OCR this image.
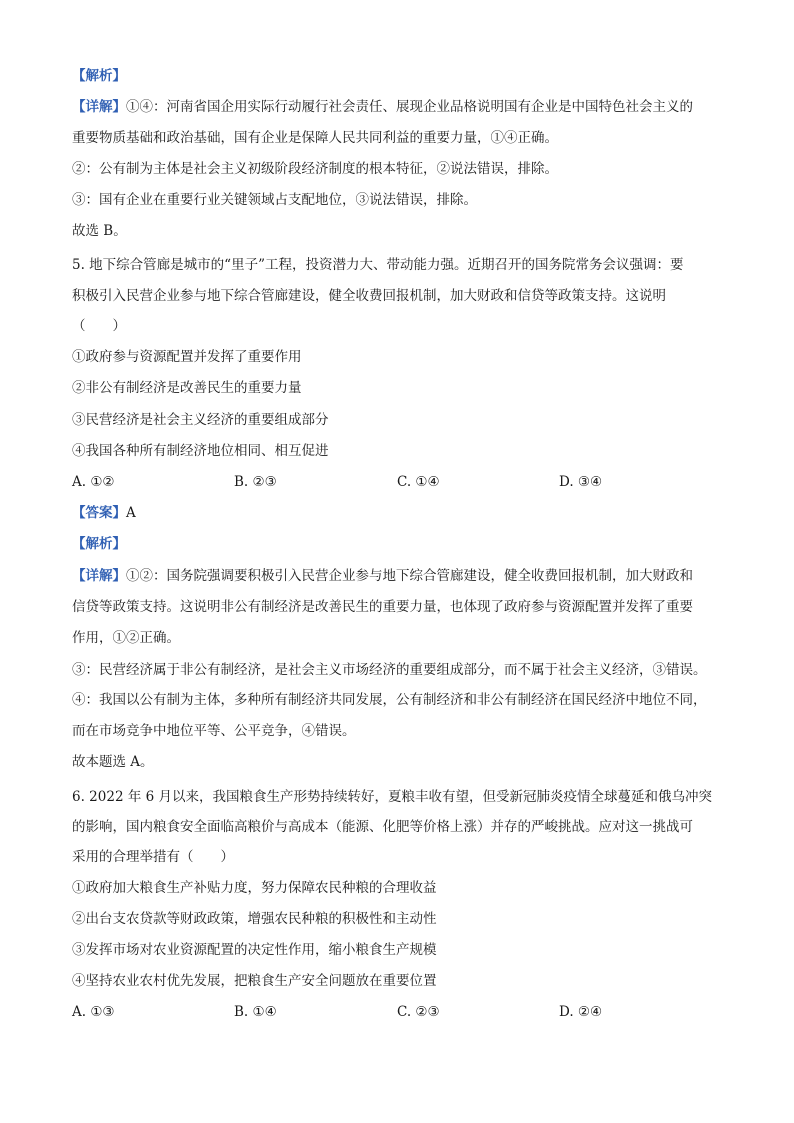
【解析】
【详解】①④：河南省国企用实际行动履行社会责任、展现企业品格说明国有企业是中国特色社会主义的
重要物质基础和政治基础，国有企业是保障人民共同利益的重要力量，①④正确。
②：公有制为主体是社会主义初级阶段经济制度的根本特征，②说法错误，排除。
③：国有企业在重要行业关键领域占支配地位，③说法错误，排除。
故选 B。
5. 地下综合管廊是城市的“里子”工程，投资潜力大、带动能力强。近期召开的国务院常务会议强调：要
积极引入民营企业参与地下综合管廊建设，健全收费回报机制，加大财政和信贷等政策支持。这说明
（　　）
①政府参与资源配置并发挥了重要作用
②非公有制经济是改善民生的重要力量
③民营经济是社会主义经济的重要组成部分
④我国各种所有制经济地位相同、相互促进
A. ①②	B. ②③	C. ①④	D. ③④
【答案】A
【解析】
【详解】①②：国务院强调要积极引入民营企业参与地下综合管廊建设，健全收费回报机制，加大财政和
信贷等政策支持。这说明非公有制经济是改善民生的重要力量，也体现了政府参与资源配置并发挥了重要
作用，①②正确。
③：民营经济属于非公有制经济，是社会主义市场经济的重要组成部分，而不属于社会主义经济，③错误。
④：我国以公有制为主体，多种所有制经济共同发展，公有制经济和非公有制经济在国民经济中地位不同，
而在市场竞争中地位平等、公平竞争，④错误。
故本题选 A。
6. 2022 年 6 月以来，我国粮食生产形势持续转好，夏粮丰收有望，但受新冠肺炎疫情全球蔓延和俄乌冲突
的影响，国内粮食安全面临高粮价与高成本（能源、化肥等价格上涨）并存的严峻挑战。应对这一挑战可
采用的合理举措有（　　）
①政府加大粮食生产补贴力度，努力保障农民种粮的合理收益
②出台支农贷款等财政政策，增强农民种粮的积极性和主动性
③发挥市场对农业资源配置的决定性作用，缩小粮食生产规模
④坚持农业农村优先发展，把粮食生产安全问题放在重要位置
A. ①③	B. ①④	C. ②③	D. ②④
